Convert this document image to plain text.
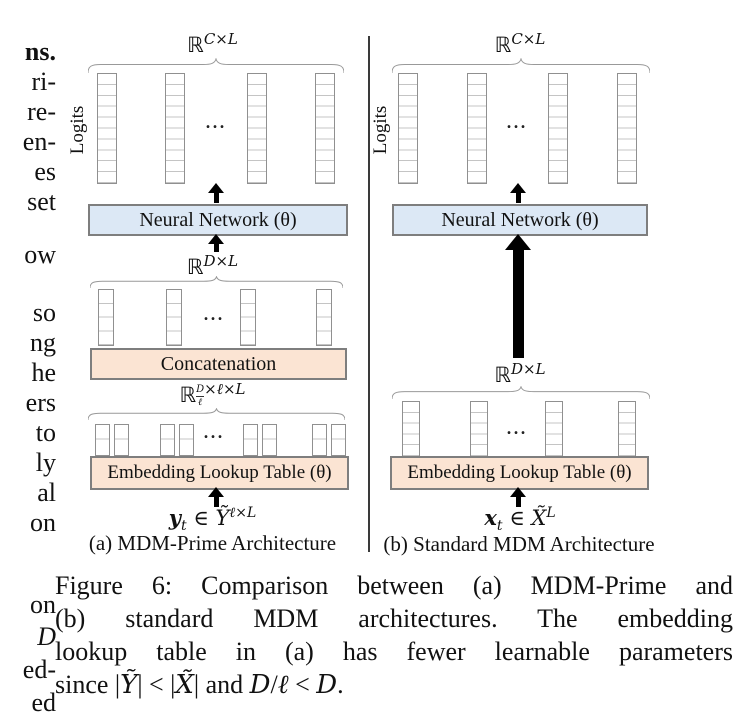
ns.
ri-
re-
en-
es
set
ow
so
ng
he
ers
to
ly
al
on
on
D
ed-
ed
ℝ$^{C\times L}$
Logits	...
Neural Network (θ)
ℝ$^{D\times L}$
...
Concatenation
ℝ $^{\frac{D}{\text{ℓ}} \times\ell\times L}$
...
Embedding Lookup Table (θ)
$y_t$ ∈ Ỹ$^{\ell\times L}$
(a) MDM-Prime Architecture
ℝ$^{C\times L}$
Logits	...
Neural Network (θ)
ℝ$^{D\times L}$
...
Embedding Lookup Table (θ)
$x_t$ ∈ X̃$^L$
(b) Standard MDM Architecture
Figure 6: Comparison between (a) MDM-Prime and
(b) standard MDM architectures. The embedding
lookup table in (a) has fewer learnable parameters
since |Ỹ| < |X̃| and D/ℓ < D.
